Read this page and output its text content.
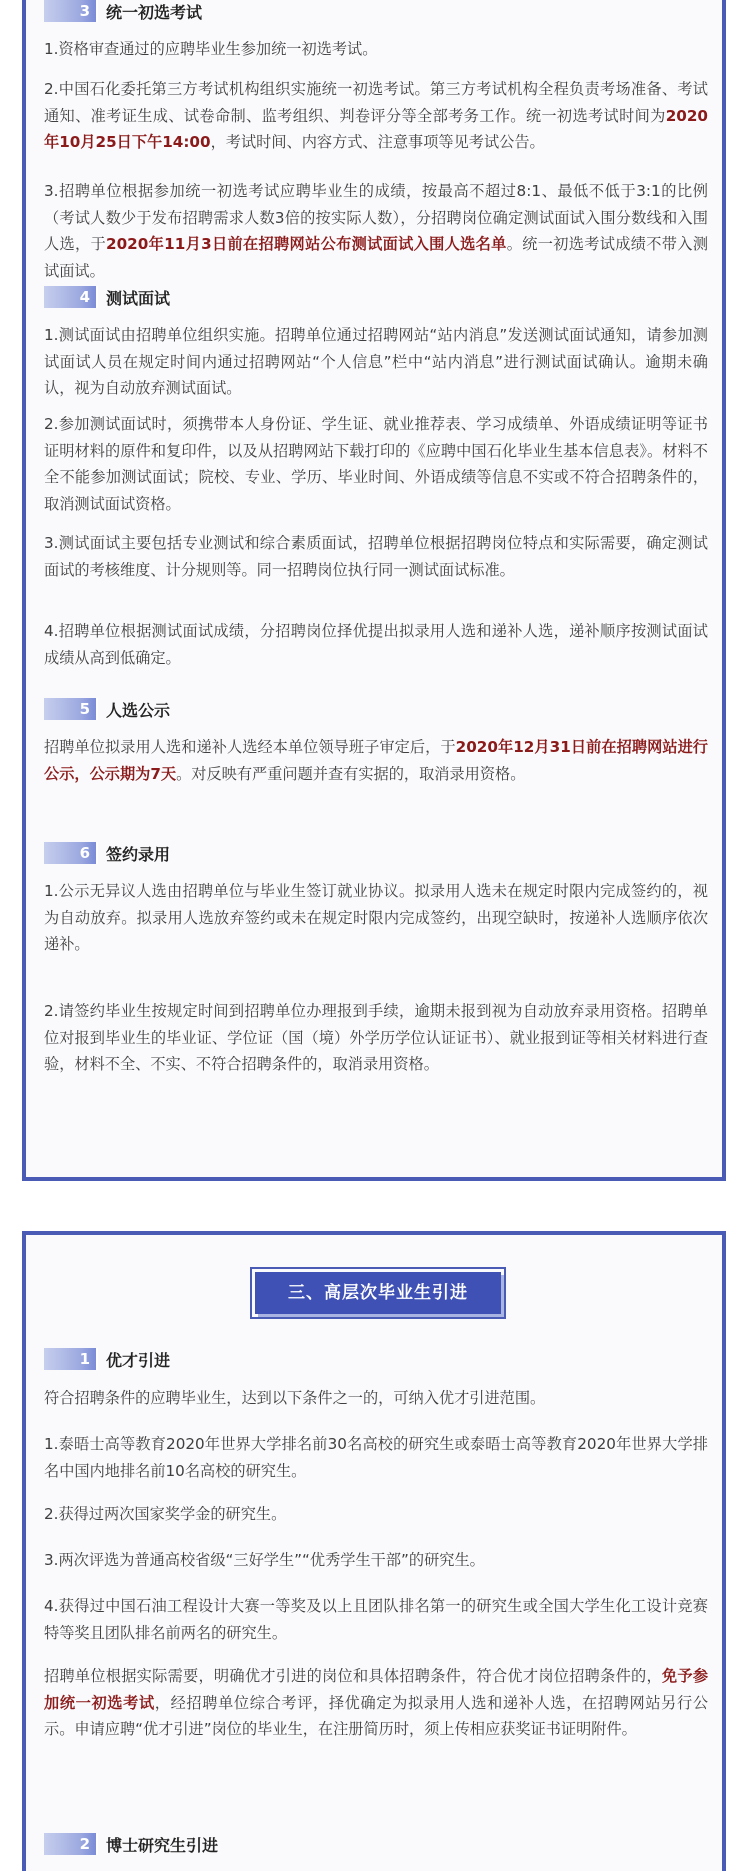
3	统一初选考试

1.资格审查通过的应聘毕业生参加统一初选考试。

2.中国石化委托第三方考试机构组织实施统一初选考试。第三方考试机构全程负责考场准备、考试通知、准考证生成、试卷命制、监考组织、判卷评分等全部考务工作。统一初选考试时间为2020年10月25日下午14:00，考试时间、内容方式、注意事项等见考试公告。

3.招聘单位根据参加统一初选考试应聘毕业生的成绩，按最高不超过8:1、最低不低于3:1的比例（考试人数少于发布招聘需求人数3倍的按实际人数），分招聘岗位确定测试面试入围分数线和入围人选，于2020年11月3日前在招聘网站公布测试面试入围人选名单。统一初选考试成绩不带入测试面试。

4	测试面试

1.测试面试由招聘单位组织实施。招聘单位通过招聘网站“站内消息”发送测试面试通知，请参加测试面试人员在规定时间内通过招聘网站“个人信息”栏中“站内消息”进行测试面试确认。逾期未确认，视为自动放弃测试面试。

2.参加测试面试时，须携带本人身份证、学生证、就业推荐表、学习成绩单、外语成绩证明等证书证明材料的原件和复印件，以及从招聘网站下载打印的《应聘中国石化毕业生基本信息表》。材料不全不能参加测试面试；院校、专业、学历、毕业时间、外语成绩等信息不实或不符合招聘条件的，取消测试面试资格。

3.测试面试主要包括专业测试和综合素质面试，招聘单位根据招聘岗位特点和实际需要，确定测试面试的考核维度、计分规则等。同一招聘岗位执行同一测试面试标准。

4.招聘单位根据测试面试成绩，分招聘岗位择优提出拟录用人选和递补人选，递补顺序按测试面试成绩从高到低确定。

5	人选公示

招聘单位拟录用人选和递补人选经本单位领导班子审定后，于2020年12月31日前在招聘网站进行公示，公示期为7天。对反映有严重问题并查有实据的，取消录用资格。

6	签约录用

1.公示无异议人选由招聘单位与毕业生签订就业协议。拟录用人选未在规定时限内完成签约的，视为自动放弃。拟录用人选放弃签约或未在规定时限内完成签约，出现空缺时，按递补人选顺序依次递补。

2.请签约毕业生按规定时间到招聘单位办理报到手续，逾期未报到视为自动放弃录用资格。招聘单位对报到毕业生的毕业证、学位证（国（境）外学历学位认证证书）、就业报到证等相关材料进行查验，材料不全、不实、不符合招聘条件的，取消录用资格。

三、高层次毕业生引进
1	优才引进

符合招聘条件的应聘毕业生，达到以下条件之一的，可纳入优才引进范围。

1.泰晤士高等教育2020年世界大学排名前30名高校的研究生或泰晤士高等教育2020年世界大学排名中国内地排名前10名高校的研究生。

2.获得过两次国家奖学金的研究生。

3.两次评选为普通高校省级“三好学生”“优秀学生干部”的研究生。

4.获得过中国石油工程设计大赛一等奖及以上且团队排名第一的研究生或全国大学生化工设计竞赛特等奖且团队排名前两名的研究生。

招聘单位根据实际需要，明确优才引进的岗位和具体招聘条件，符合优才岗位招聘条件的，免予参加统一初选考试，经招聘单位综合考评，择优确定为拟录用人选和递补人选，在招聘网站另行公示。申请应聘“优才引进”岗位的毕业生，在注册简历时，须上传相应获奖证书证明附件。

2	博士研究生引进
